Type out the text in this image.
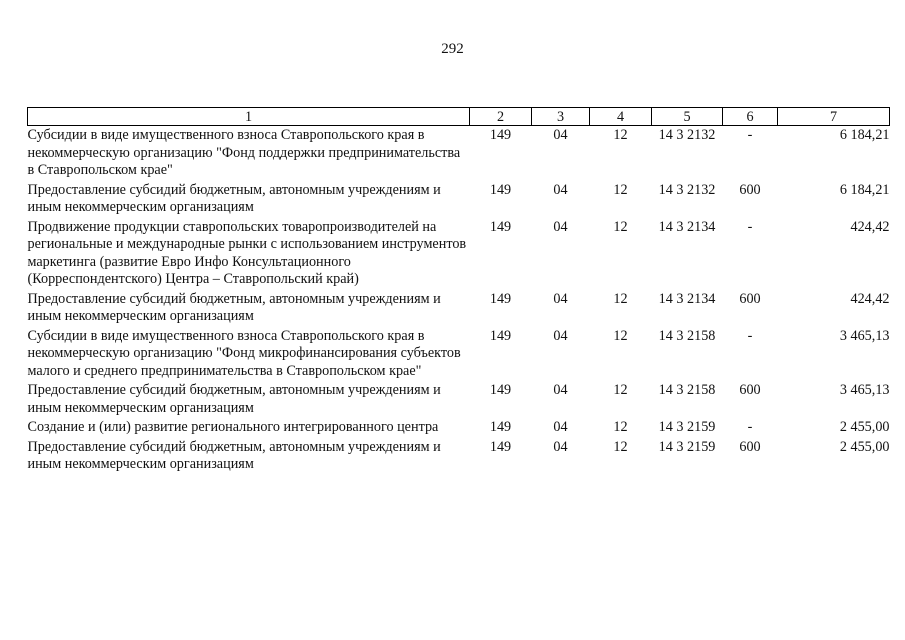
292
1	2	3	4	5	6	7
Субсидии в виде имущественного взноса Ставропольского края в некоммерческую организацию "Фонд поддержки предпринимательства в Ставропольском крае"	149	04	12	14 3 2132	-	6 184,21
Предоставление субсидий бюджетным, автономным учреждениям и иным некоммерческим организациям	149	04	12	14 3 2132	600	6 184,21
Продвижение продукции ставропольских товаропроизводителей на региональные и международные рынки с использованием инструментов маркетинга (развитие Евро Инфо Консультационного (Корреспондентского) Центра – Ставропольский край)	149	04	12	14 3 2134	-	424,42
Предоставление субсидий бюджетным, автономным учреждениям и иным некоммерческим организациям	149	04	12	14 3 2134	600	424,42
Субсидии в виде имущественного взноса Ставропольского края в некоммерческую организацию "Фонд микрофинансирования субъектов малого и среднего предпринимательства в Ставропольском крае"	149	04	12	14 3 2158	-	3 465,13
Предоставление субсидий бюджетным, автономным учреждениям и иным некоммерческим организациям	149	04	12	14 3 2158	600	3 465,13
Создание и (или) развитие регионального интегрированного центра	149	04	12	14 3 2159	-	2 455,00
Предоставление субсидий бюджетным, автономным учреждениям и иным некоммерческим организациям	149	04	12	14 3 2159	600	2 455,00
